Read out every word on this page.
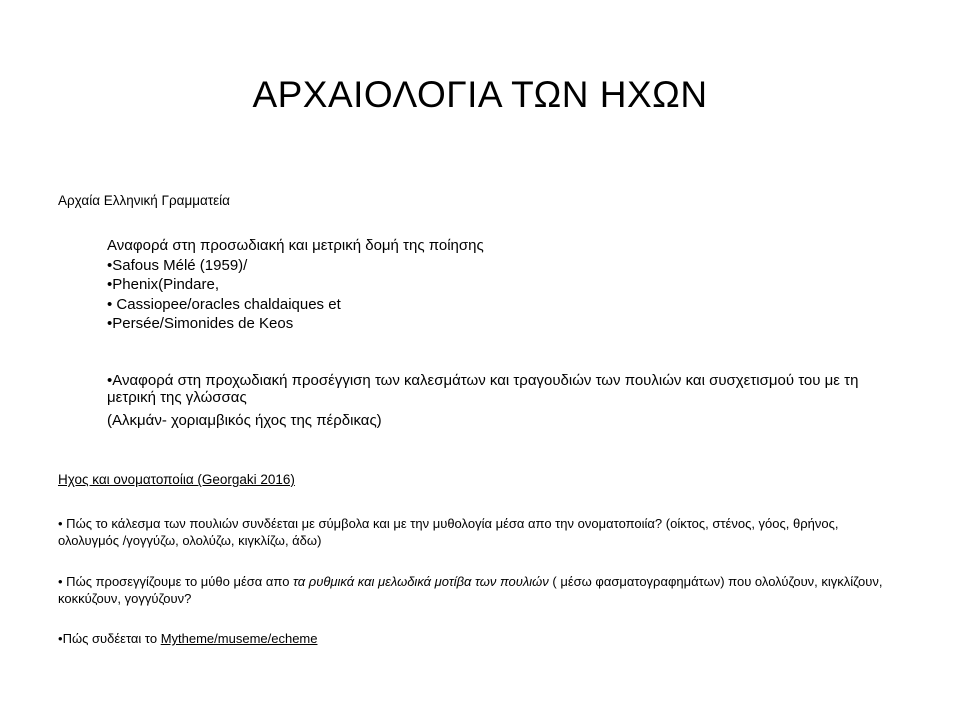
ΑΡΧΑΙΟΛΟΓΙΑ ΤΩΝ ΗΧΩΝ
Αρχαία Ελληνική Γραμματεία
Αναφορά στη προσωδιακή και μετρική δομή της ποίησης
• Safous Mélé (1959)/
• Phenix(Pindare,
• Cassiopee/oracles chaldaiques et
• Persée/Simonides de Keos
• Αναφορά στη προχωδιακή προσέγγιση των καλεσμάτων και τραγουδιών των πουλιών και συσχετισμού του με τη μετρική της γλώσσας
(Αλκμάν- χοριαμβικός ήχος της πέρδικας)
Ηχος και ονοματοποίια (Georgaki 2016)
• Πώς το κάλεσμα των πουλιών συνδέεται με σύμβολα και με την μυθολογία μέσα απο την ονοματοποιία? (οίκτος, στένος, γόος, θρήνος, ολολυγμός /γογγύζω, ολολύζω, κιγκλίζω, άδω)
• Πώς προσεγγίζουμε το μύθο μέσα απο τα ρυθμικά και μελωδικά μοτίβα των πουλιών ( μέσω φασματογραφημάτων) που ολολύζουν, κιγκλίζουν, κοκκύζουν, γογγύζουν?
• Πώς συδέεται το Mytheme/museme/echeme
